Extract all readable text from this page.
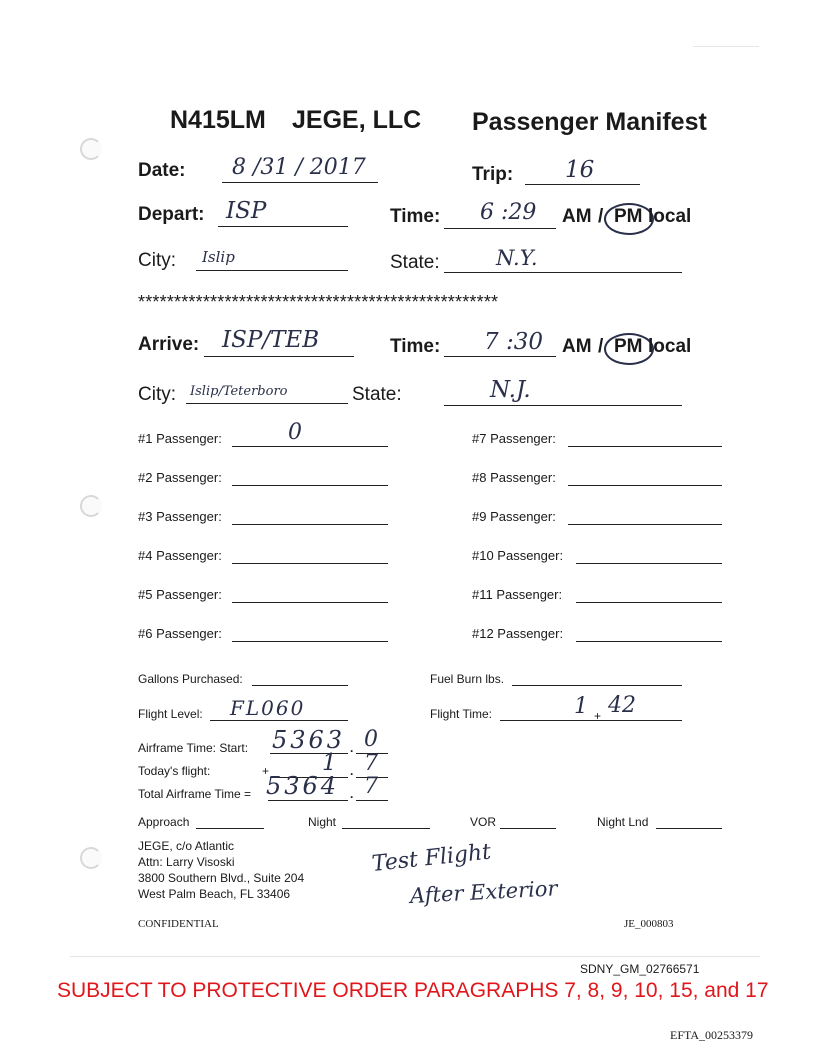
N415LM JEGE, LLC Passenger Manifest
Date: 8 /31 / 2017	Trip: 16
Depart: ISP	Time: 6 :29 AM / PM local
City: Islip	State:	N.Y.
**************************************************
Arrive: ISP/TEB	Time: 7 :30 AM / PM local
City: Islip/Teterboro	State:	N.J.
#1 Passenger:	0
#2 Passenger:
#3 Passenger:
#4 Passenger:
#5 Passenger:
#6 Passenger:
#7 Passenger:
#8 Passenger:
#9 Passenger:
#10 Passenger:
#11 Passenger:
#12 Passenger:
Gallons Purchased:	Fuel Burn lbs.
Flight Level: FL060	Flight Time:	1 + 42
Airframe Time: Start: 5363 . 0
Today's flight:	+ 1 . 7
Total Airframe Time = 5364 . 7
Approach	Night	VOR	Night Lnd
JEGE, c/o Atlantic
Attn: Larry Visoski
3800 Southern Blvd., Suite 204
West Palm Beach, FL 33406
Test Flight
After Exterior
CONFIDENTIAL	JE_000803
SDNY_GM_02766571
SUBJECT TO PROTECTIVE ORDER PARAGRAPHS 7, 8, 9, 10, 15, and 17
EFTA_00253379
